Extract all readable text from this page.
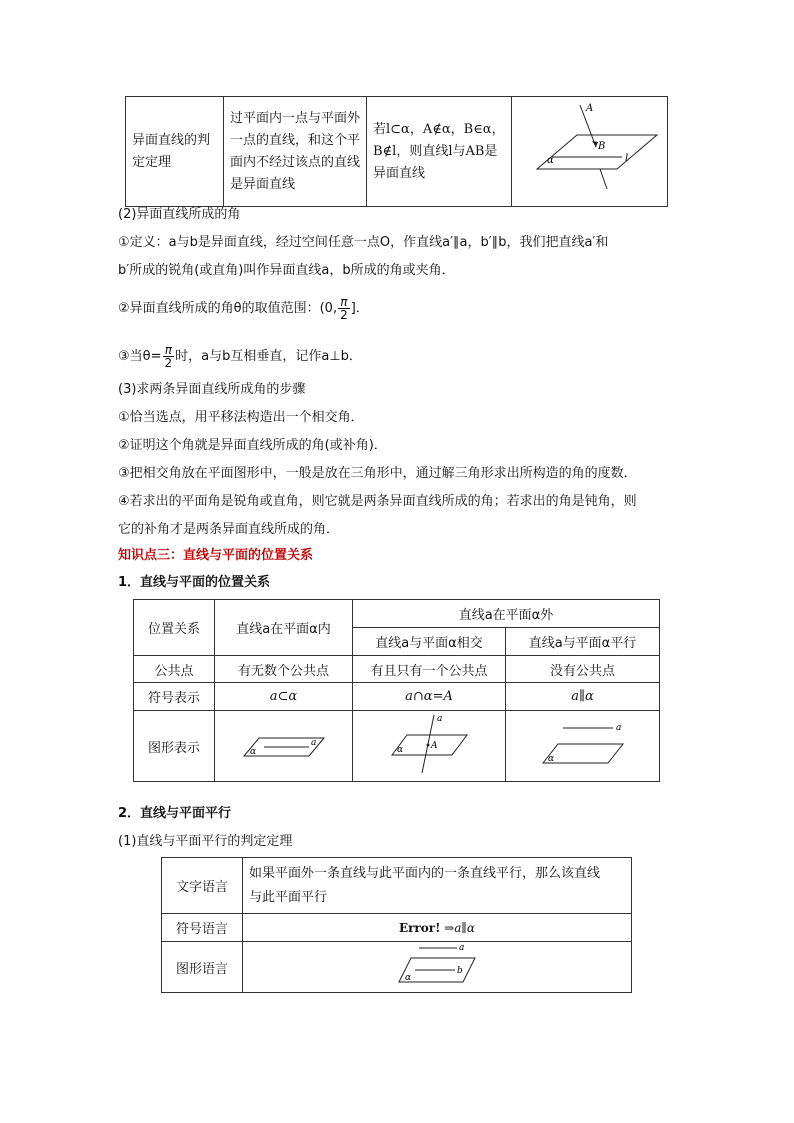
异面直线的判定定理

过平面内一点与平面外一点的直线，和这个平面内不经过该点的直线是异面直线

若l⊂α，A∉α，B∈α，B∉l，则直线l与AB是异面直线

A
B
α	l
(2)异面直线所成的角
①定义：a与b是异面直线，经过空间任意一点O，作直线a′∥a，b′∥b，我们把直线a′和
b′所成的锐角(或直角)叫作异面直线a，b所成的角或夹角．
②异面直线所成的角θ的取值范围：(0, $\frac{\pi}{2}$ ]．
③当$\theta= \frac{\pi}{2}$ 时，a与b互相垂直，记作a⊥b．
(3)求两条异面直线所成角的步骤
①恰当选点，用平移法构造出一个相交角．
②证明这个角就是异面直线所成的角(或补角)．
③把相交角放在平面图形中，一般是放在三角形中，通过解三角形求出所构造的角的度数．
④若求出的平面角是锐角或直角，则它就是两条异面直线所成的角；若求出的角是钝角，则
它的补角才是两条异面直线所成的角．
知识点三：直线与平面的位置关系
1．直线与平面的位置关系
位置关系	直线a在平面α内	直线a在平面α外	
		直线a与平面α相交	直线a与平面α平行
公共点	有无数个公共点	有且只有一个公共点	没有公共点
符号表示	a⊂α	a∩α=A	a∥α
图形表示	a
α	a
A
α	a
α
2．直线与平面平行
(1)直线与平面平行的判定定理
文字语言	如果平面外一条直线与此平面内的一条直线平行，那么该直线
与此平面平行

符号语言	Error! ⇒a∥α
图形语言	a
b
α
